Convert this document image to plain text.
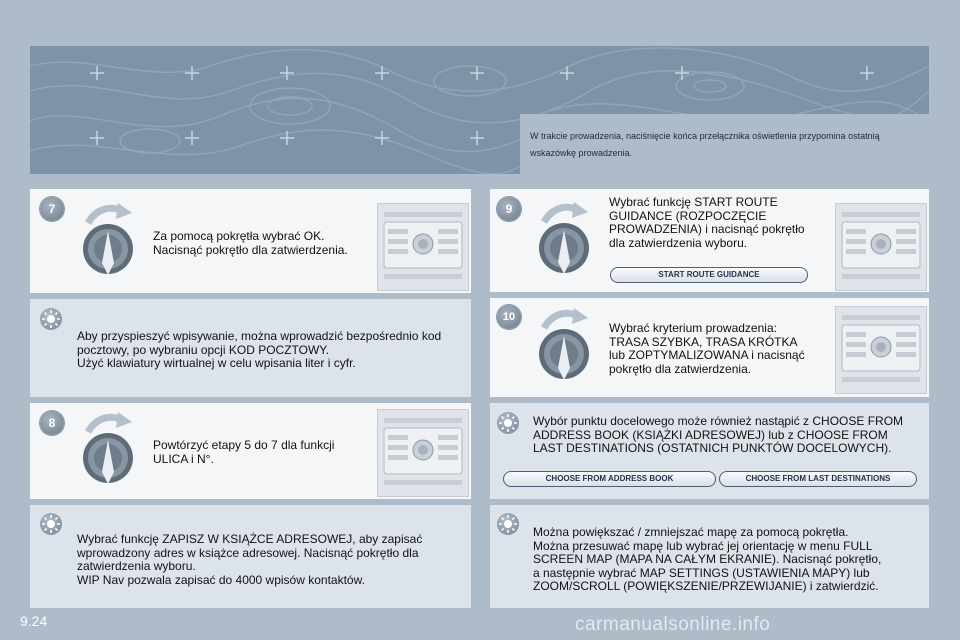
W trakcie prowadzenia, naciśnięcie końca przełącznika oświetlenia przypomina ostatnią wskazówkę prowadzenia.
7
Za pomocą pokrętła wybrać OK.
Nacisnąć pokrętło dla zatwierdzenia.
Aby przyspieszyć wpisywanie, można wprowadzić bezpośrednio kod
pocztowy, po wybraniu opcji KOD POCZTOWY.
Użyć klawiatury wirtualnej w celu wpisania liter i cyfr.
8
Powtórzyć etapy 5 do 7 dla funkcji
ULICA i N°.
Wybrać funkcję ZAPISZ W KSIĄŻCE ADRESOWEJ, aby zapisać
wprowadzony adres w książce adresowej. Nacisnąć pokrętło dla
zatwierdzenia wyboru.
WIP Nav pozwala zapisać do 4000 wpisów kontaktów.
9	Wybrać funkcję START ROUTE
GUIDANCE (ROZPOCZĘCIE
PROWADZENIA) i nacisnąć pokrętło
dla zatwierdzenia wyboru.
START ROUTE GUIDANCE
10
Wybrać kryterium prowadzenia:
TRASA SZYBKA, TRASA KRÓTKA
lub ZOPTYMALIZOWANA i nacisnąć
pokrętło dla zatwierdzenia.
Wybór punktu docelowego może również nastąpić z CHOOSE FROM
ADDRESS BOOK (KSIĄŻKI ADRESOWEJ) lub z CHOOSE FROM
LAST DESTINATIONS (OSTATNICH PUNKTÓW DOCELOWYCH).
CHOOSE FROM ADDRESS BOOK	CHOOSE FROM LAST DESTINATIONS
Można powiększać / zmniejszać mapę za pomocą pokrętła.
Można przesuwać mapę lub wybrać jej orientację w menu FULL
SCREEN MAP (MAPA NA CAŁYM EKRANIE). Nacisnąć pokrętło,
a następnie wybrać MAP SETTINGS (USTAWIENIA MAPY) lub
ZOOM/SCROLL (POWIĘKSZENIE/PRZEWIJANIE) i zatwierdzić.
9.24	carmanualsonline.info
